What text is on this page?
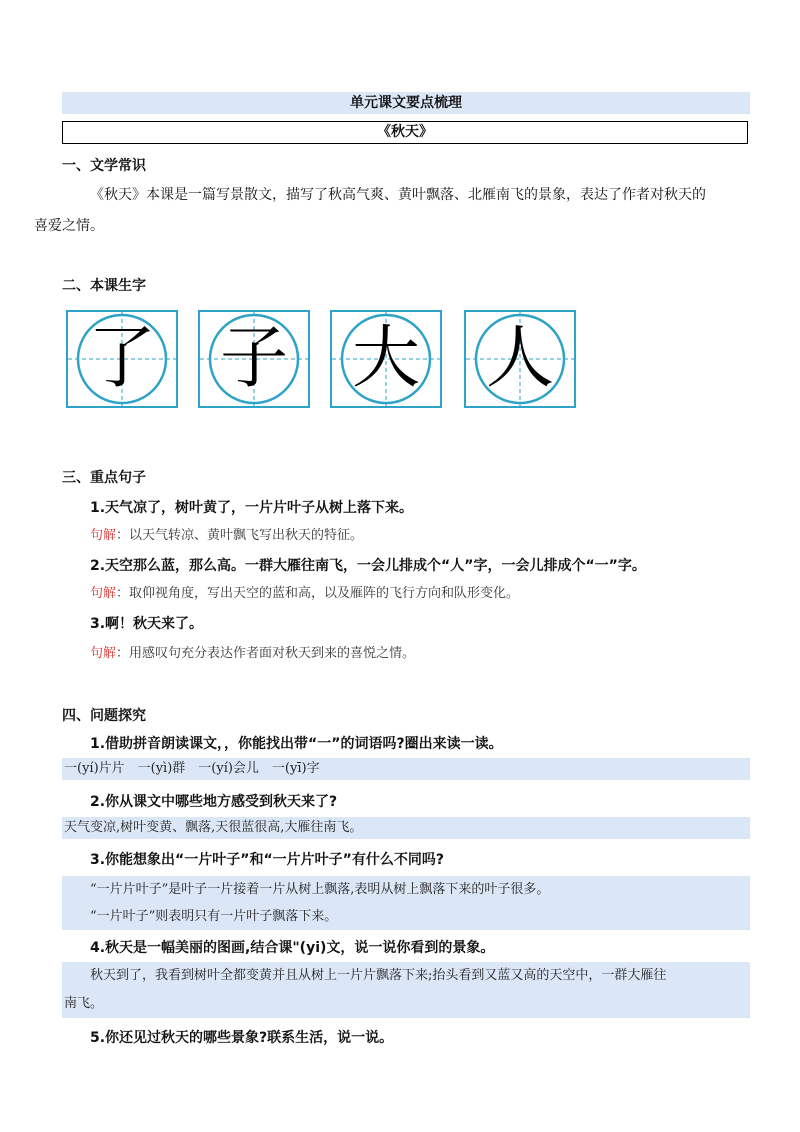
单元课文要点梳理
《秋天》
一、文学常识
《秋天》本课是一篇写景散文，描写了秋高气爽、黄叶飘落、北雁南飞的景象，表达了作者对秋天的
喜爱之情。
二、本课生字
了 子 大 人
三、重点句子
1.天气凉了，树叶黄了，一片片叶子从树上落下来。
句解：以天气转凉、黄叶飘飞写出秋天的特征。
2.天空那么蓝，那么高。一群大雁往南飞，一会儿排成个“人”字，一会儿排成个“一”字。
句解：取仰视角度，写出天空的蓝和高，以及雁阵的飞行方向和队形变化。
3.啊！秋天来了。
句解：用感叹句充分表达作者面对秋天到来的喜悦之情。
四、问题探究
1.借助拼音朗读课文，，你能找出带“一”的词语吗?圈出来读一读。
一(yí)片片　一(yì)群　一(yí)会儿　一(yī)字
2.你从课文中哪些地方感受到秋天来了?
天气变凉,树叶变黄、飘落,天很蓝很高,大雁往南飞。
3.你能想象出“一片叶子”和“一片片叶子”有什么不同吗?
“一片片叶子”是叶子一片接着一片从树上飘落,表明从树上飘落下来的叶子很多。
“一片叶子”则表明只有一片叶子飘落下来。
4.秋天是一幅美丽的图画,结合课"(yi)文，说一说你看到的景象。
秋天到了，我看到树叶全都变黄并且从树上一片片飘落下来;抬头看到又蓝又高的天空中，一群大雁往
南飞。
5.你还见过秋天的哪些景象?联系生活，说一说。
